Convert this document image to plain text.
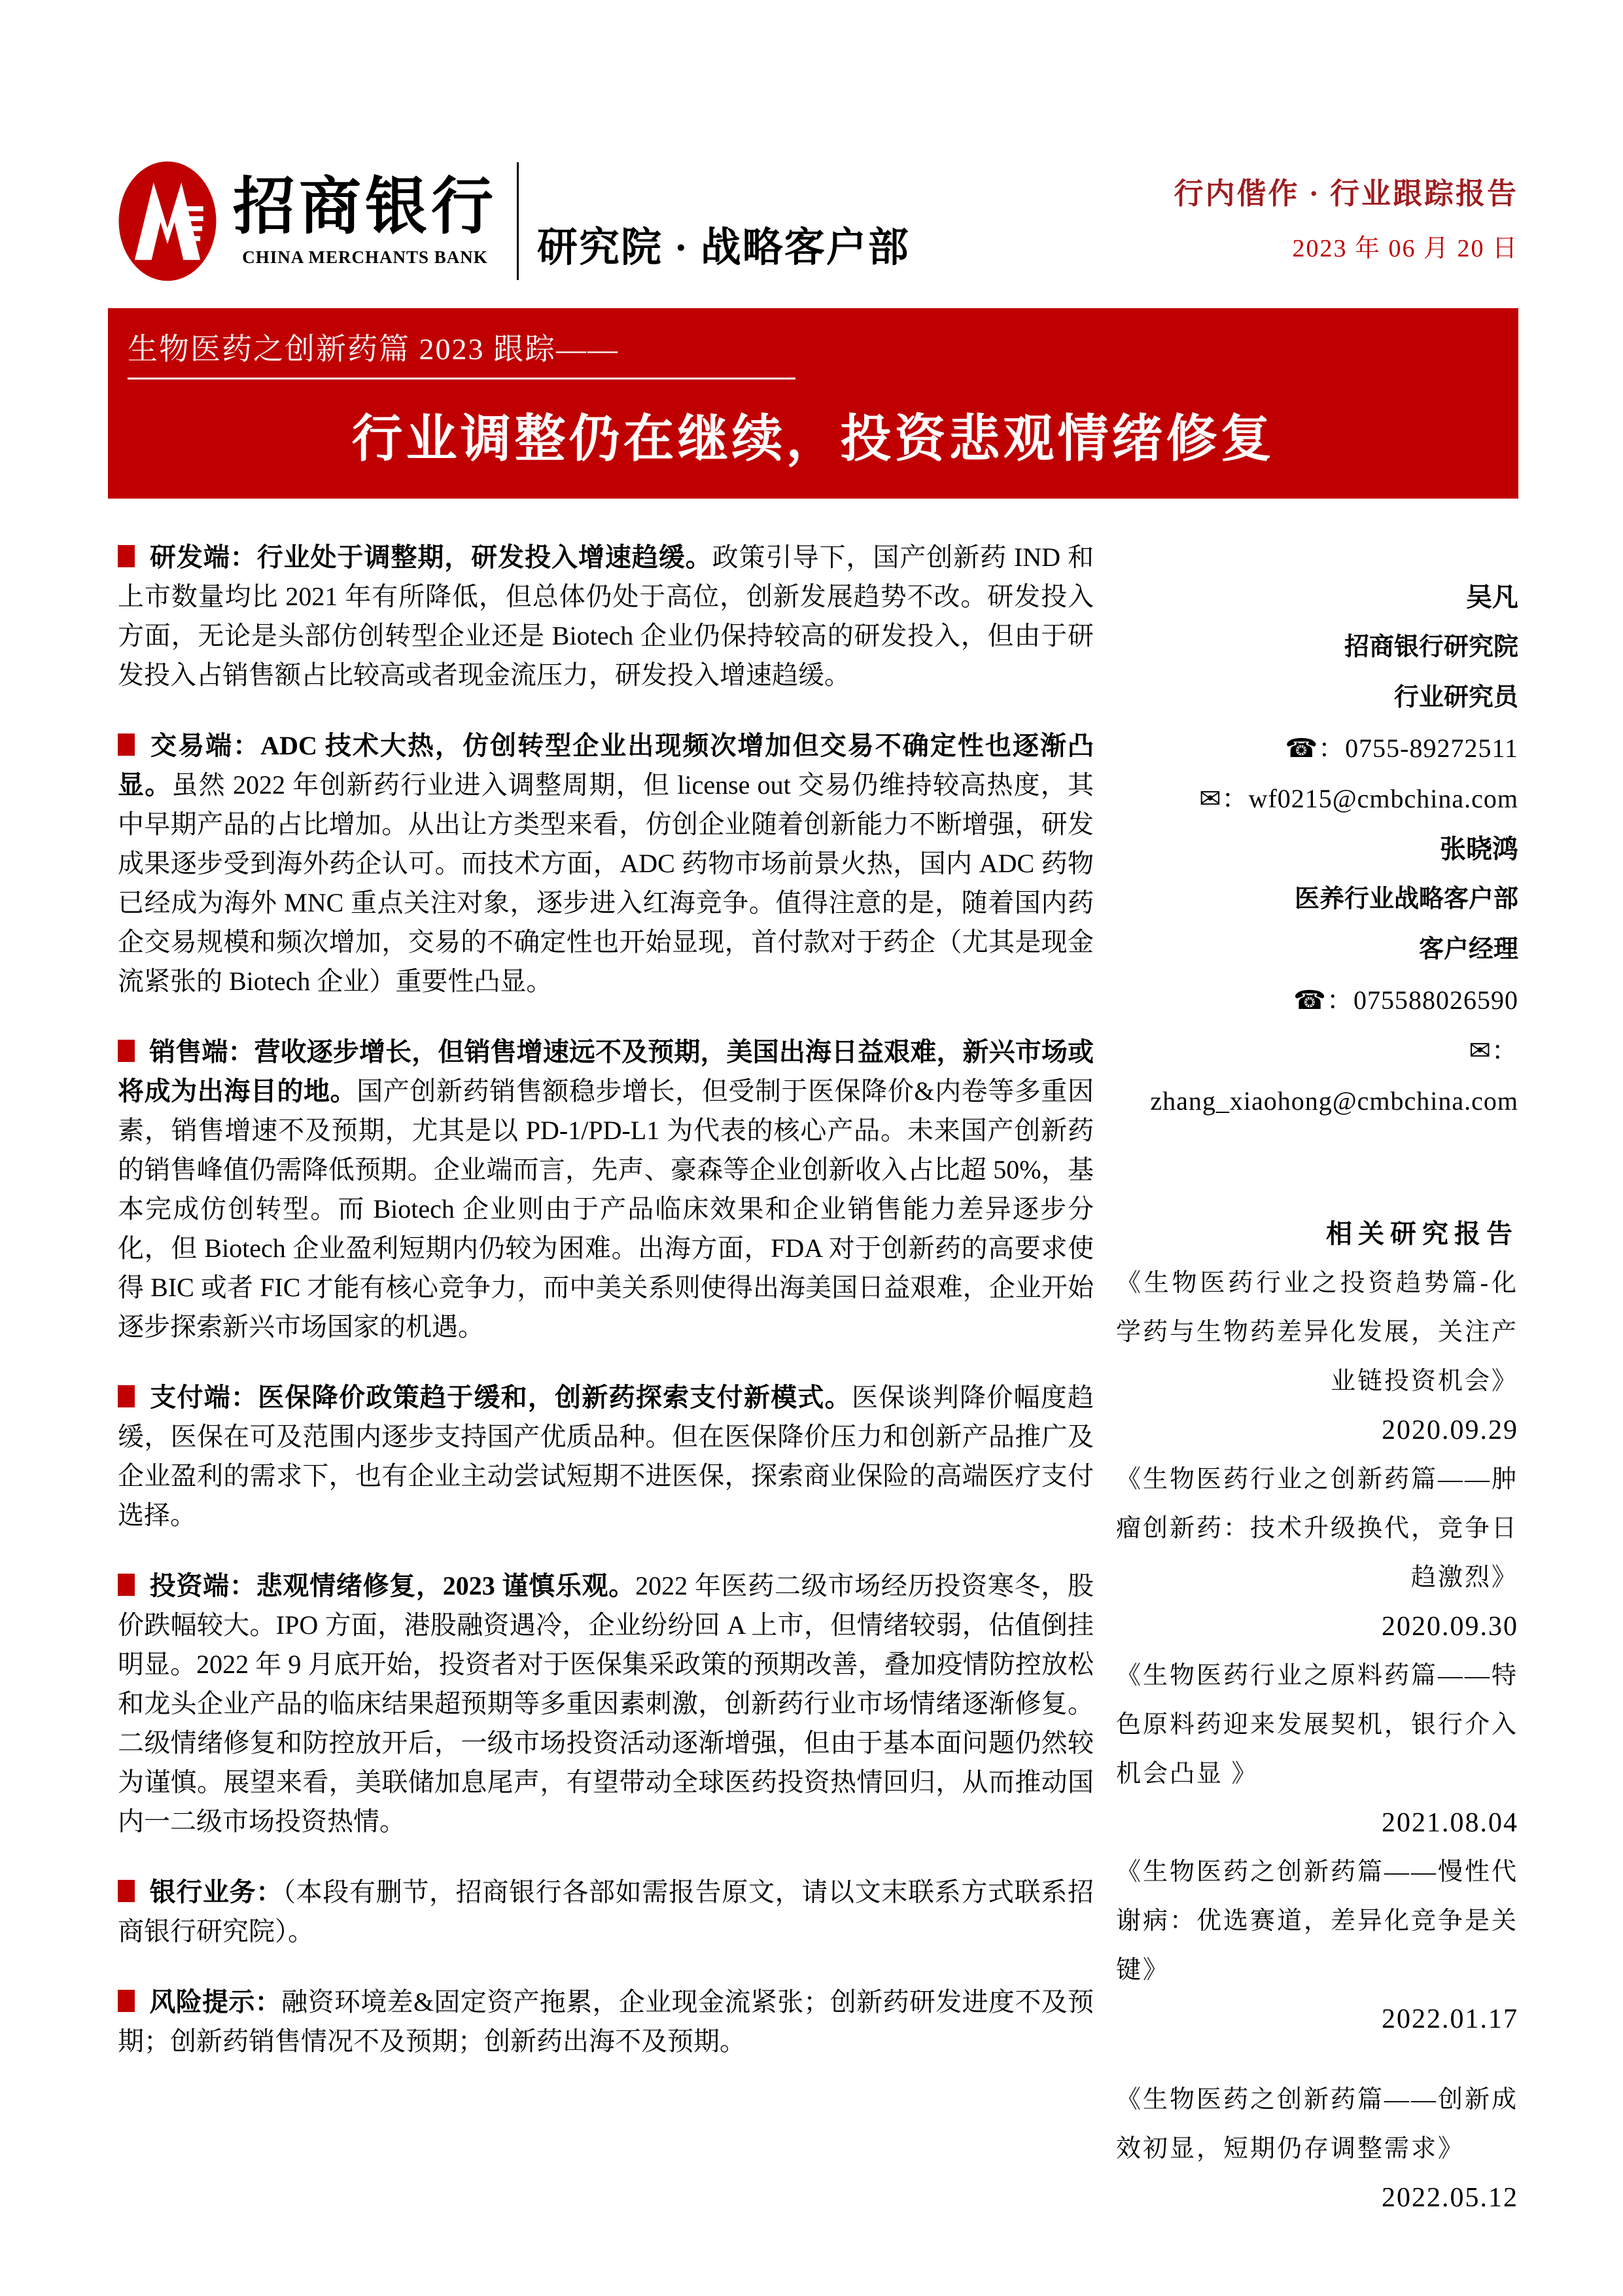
招商银行
CHINA MERCHANTS BANK 研究院 · 战略客户部
行内偕作 · 行业跟踪报告
2023 年 06 月 20 日
生物医药之创新药篇 2023 跟踪——
行业调整仍在继续，投资悲观情绪修复

研发端：行业处于调整期，研发投入增速趋缓。政策引导下，国产创新药 IND 和上市数量均比 2021 年有所降低，但总体仍处于高位，创新发展趋势不改。研发投入方面，无论是头部仿创转型企业还是 Biotech 企业仍保持较高的研发投入，但由于研发投入占销售额占比较高或者现金流压力，研发投入增速趋缓。

交易端：ADC 技术大热，仿创转型企业出现频次增加但交易不确定性也逐渐凸显。虽然 2022 年创新药行业进入调整周期，但 license out 交易仍维持较高热度，其中早期产品的占比增加。从出让方类型来看，仿创企业随着创新能力不断增强，研发成果逐步受到海外药企认可。而技术方面，ADC 药物市场前景火热，国内 ADC 药物已经成为海外 MNC 重点关注对象，逐步进入红海竞争。值得注意的是，随着国内药企交易规模和频次增加，交易的不确定性也开始显现，首付款对于药企（尤其是现金流紧张的 Biotech 企业）重要性凸显。

销售端：营收逐步增长，但销售增速远不及预期，美国出海日益艰难，新兴市场或将成为出海目的地。国产创新药销售额稳步增长，但受制于医保降价&内卷等多重因素，销售增速不及预期，尤其是以 PD-1/PD-L1 为代表的核心产品。未来国产创新药的销售峰值仍需降低预期。企业端而言，先声、豪森等企业创新收入占比超 50%，基本完成仿创转型。而 Biotech 企业则由于产品临床效果和企业销售能力差异逐步分化，但 Biotech 企业盈利短期内仍较为困难。出海方面，FDA 对于创新药的高要求使得 BIC 或者 FIC 才能有核心竞争力，而中美关系则使得出海美国日益艰难，企业开始逐步探索新兴市场国家的机遇。

支付端：医保降价政策趋于缓和，创新药探索支付新模式。医保谈判降价幅度趋缓，医保在可及范围内逐步支持国产优质品种。但在医保降价压力和创新产品推广及企业盈利的需求下，也有企业主动尝试短期不进医保，探索商业保险的高端医疗支付选择。

投资端：悲观情绪修复，2023 谨慎乐观。2022 年医药二级市场经历投资寒冬，股价跌幅较大。IPO 方面，港股融资遇冷，企业纷纷回 A 上市，但情绪较弱，估值倒挂明显。2022 年 9 月底开始，投资者对于医保集采政策的预期改善，叠加疫情防控放松和龙头企业产品的临床结果超预期等多重因素刺激，创新药行业市场情绪逐渐修复。二级情绪修复和防控放开后，一级市场投资活动逐渐增强，但由于基本面问题仍然较为谨慎。展望来看，美联储加息尾声，有望带动全球医药投资热情回归，从而推动国内一二级市场投资热情。

银行业务：（本段有删节，招商银行各部如需报告原文，请以文末联系方式联系招商银行研究院）。

风险提示：融资环境差&固定资产拖累，企业现金流紧张；创新药研发进度不及预期；创新药销售情况不及预期；创新药出海不及预期。

吴凡
招商银行研究院
行业研究员
☎：0755-89272511
✉：wf0215@cmbchina.com
张晓鸿
医养行业战略客户部
客户经理
☎：075588026590
✉：
zhang_xiaohong@cmbchina.com
相关研究报告
《生物医药行业之投资趋势篇-化学药与生物药差异化发展，关注产业链投资机会》
2020.09.29
《生物医药行业之创新药篇——肿瘤创新药：技术升级换代，竞争日趋激烈》
2020.09.30
《生物医药行业之原料药篇——特色原料药迎来发展契机，银行介入机会凸显 》
2021.08.04
《生物医药之创新药篇——慢性代谢病：优选赛道，差异化竞争是关键》
2022.01.17
《生物医药之创新药篇——创新成效初显，短期仍存调整需求》
2022.05.12
